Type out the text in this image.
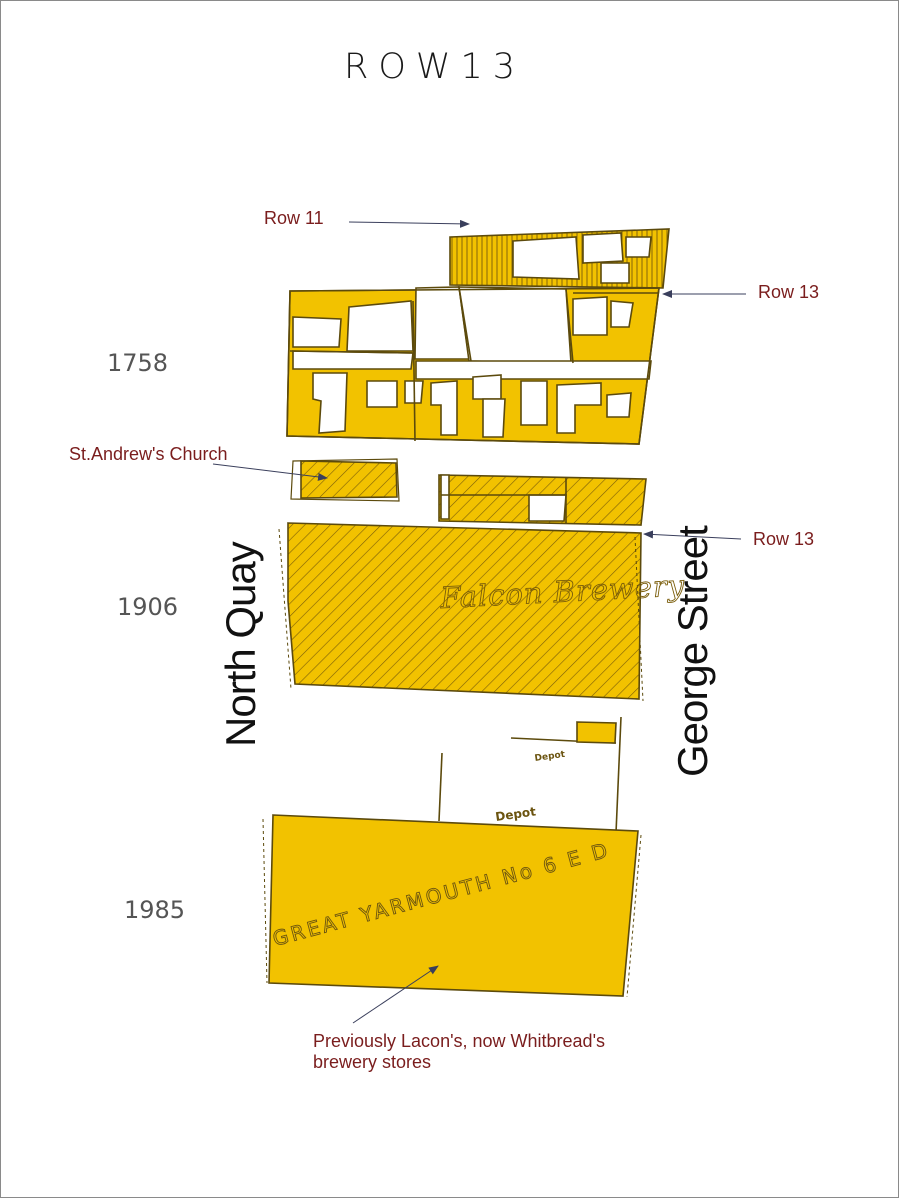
Falcon Brewery
Depot
Depot
GREAT YARMOUTH No 6 E D

ROW13

1758

1906

1985

Row 11

Row 13

St.Andrew's Church

Row 13

North Quay	George Street

Previously Lacon's, now Whitbread's
brewery stores
